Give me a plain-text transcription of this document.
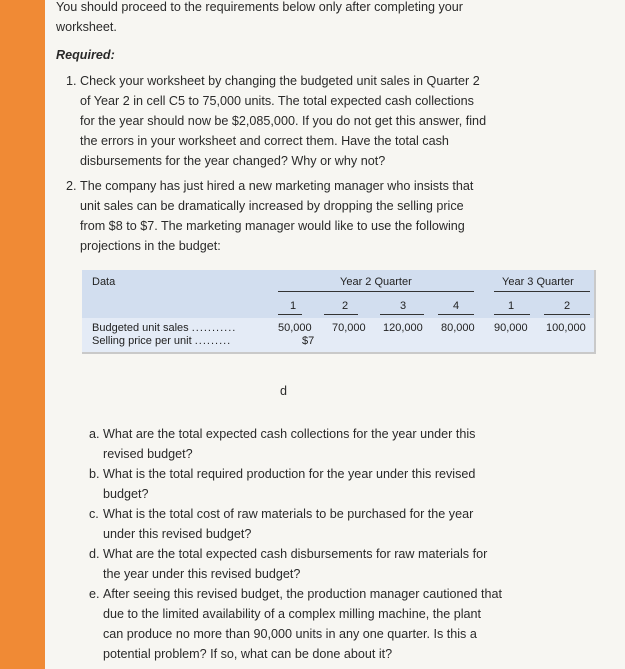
You should proceed to the requirements below only after completing your worksheet.
Required:
1. Check your worksheet by changing the budgeted unit sales in Quarter 2 of Year 2 in cell C5 to 75,000 units. The total expected cash collections for the year should now be $2,085,000. If you do not get this answer, find the errors in your worksheet and correct them. Have the total cash disbursements for the year changed? Why or why not?
2. The company has just hired a new marketing manager who insists that unit sales can be dramatically increased by dropping the selling price from $8 to $7. The marketing manager would like to use the following projections in the budget:
Data	Year 2 Quarter	Year 3 Quarter
1	2	3	4	1	2
Budgeted unit sales ...........	50,000 70,000 120,000 80,000 90,000 100,000
Selling price per unit .........	$7
d
a. What are the total expected cash collections for the year under this revised budget?
b. What is the total required production for the year under this revised budget?
c. What is the total cost of raw materials to be purchased for the year under this revised budget?
d. What are the total expected cash disbursements for raw materials for the year under this revised budget?
e. After seeing this revised budget, the production manager cautioned that due to the limited availability of a complex milling machine, the plant can produce no more than 90,000 units in any one quarter. Is this a potential problem? If so, what can be done about it?
